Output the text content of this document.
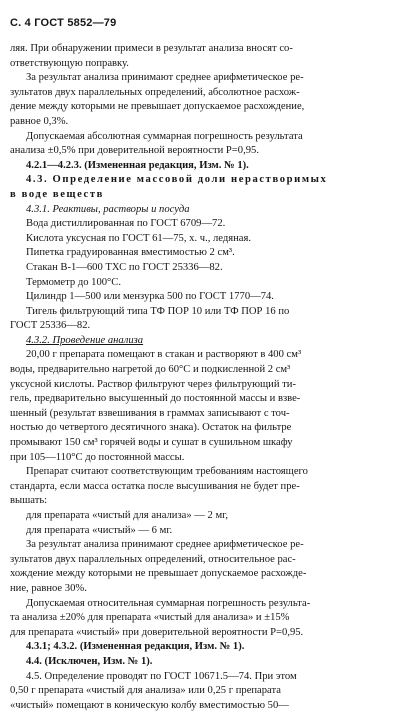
С. 4 ГОСТ 5852—79

ляя. При обнаружении примеси в результат анализа вносят со-

ответствующую поправку.

За результат анализа принимают среднее арифметическое ре-

зультатов двух параллельных определений, абсолютное расхож-

дение между которыми не превышает допускаемое расхождение,

равное 0,3%.

Допускаемая абсолютная суммарная погрешность результата

анализа ±0,5% при доверительной вероятности P=0,95.

4.2.1—4.2.3. (Измененная редакция, Изм. № 1).

4.3. Определение массовой доли нерастворимых

в воде веществ

4.3.1. Реактивы, растворы и посуда

Вода дистиллированная по ГОСТ 6709—72.

Кислота уксусная по ГОСТ 61—75, х. ч., ледяная.

Пипетка градуированная вместимостью 2 см³.

Стакан В-1—600 ТХС по ГОСТ 25336—82.

Термометр до 100°С.

Цилиндр 1—500 или мензурка 500 по ГОСТ 1770—74.

Тигель фильтрующий типа ТФ ПОР 10 или ТФ ПОР 16 по

ГОСТ 25336—82.

4.3.2. Проведение анализа

20,00 г препарата помещают в стакан и растворяют в 400 см³

воды, предварительно нагретой до 60°С и подкисленной 2 см³

уксусной кислоты. Раствор фильтруют через фильтрующий ти-

гель, предварительно высушенный до постоянной массы и взве-

шенный (результат взвешивания в граммах записывают с точ-

ностью до четвертого десятичного знака). Остаток на фильтре

промывают 150 см³ горячей воды и сушат в сушильном шкафу

при 105—110°С до постоянной массы.

Препарат считают соответствующим требованиям настоящего

стандарта, если масса остатка после высушивания не будет пре-

вышать:

для препарата «чистый для анализа» — 2 мг,

для препарата «чистый» — 6 мг.

За результат анализа принимают среднее арифметическое ре-

зультатов двух параллельных определений, относительное рас-

хождение между которыми не превышает допускаемое расхожде-

ние, равное 30%.

Допускаемая относительная суммарная погрешность результа-

та анализа ±20% для препарата «чистый для анализа» и ±15%

для препарата «чистый» при доверительной вероятности P=0,95.

4.3.1; 4.3.2. (Измененная редакция, Изм. № 1).

4.4. (Исключен, Изм. № 1).

4.5. Определение проводят по ГОСТ 10671.5—74. При этом

0,50 г препарата «чистый для анализа» или 0,25 г препарата

«чистый» помещают в коническую колбу вместимостью 50—
